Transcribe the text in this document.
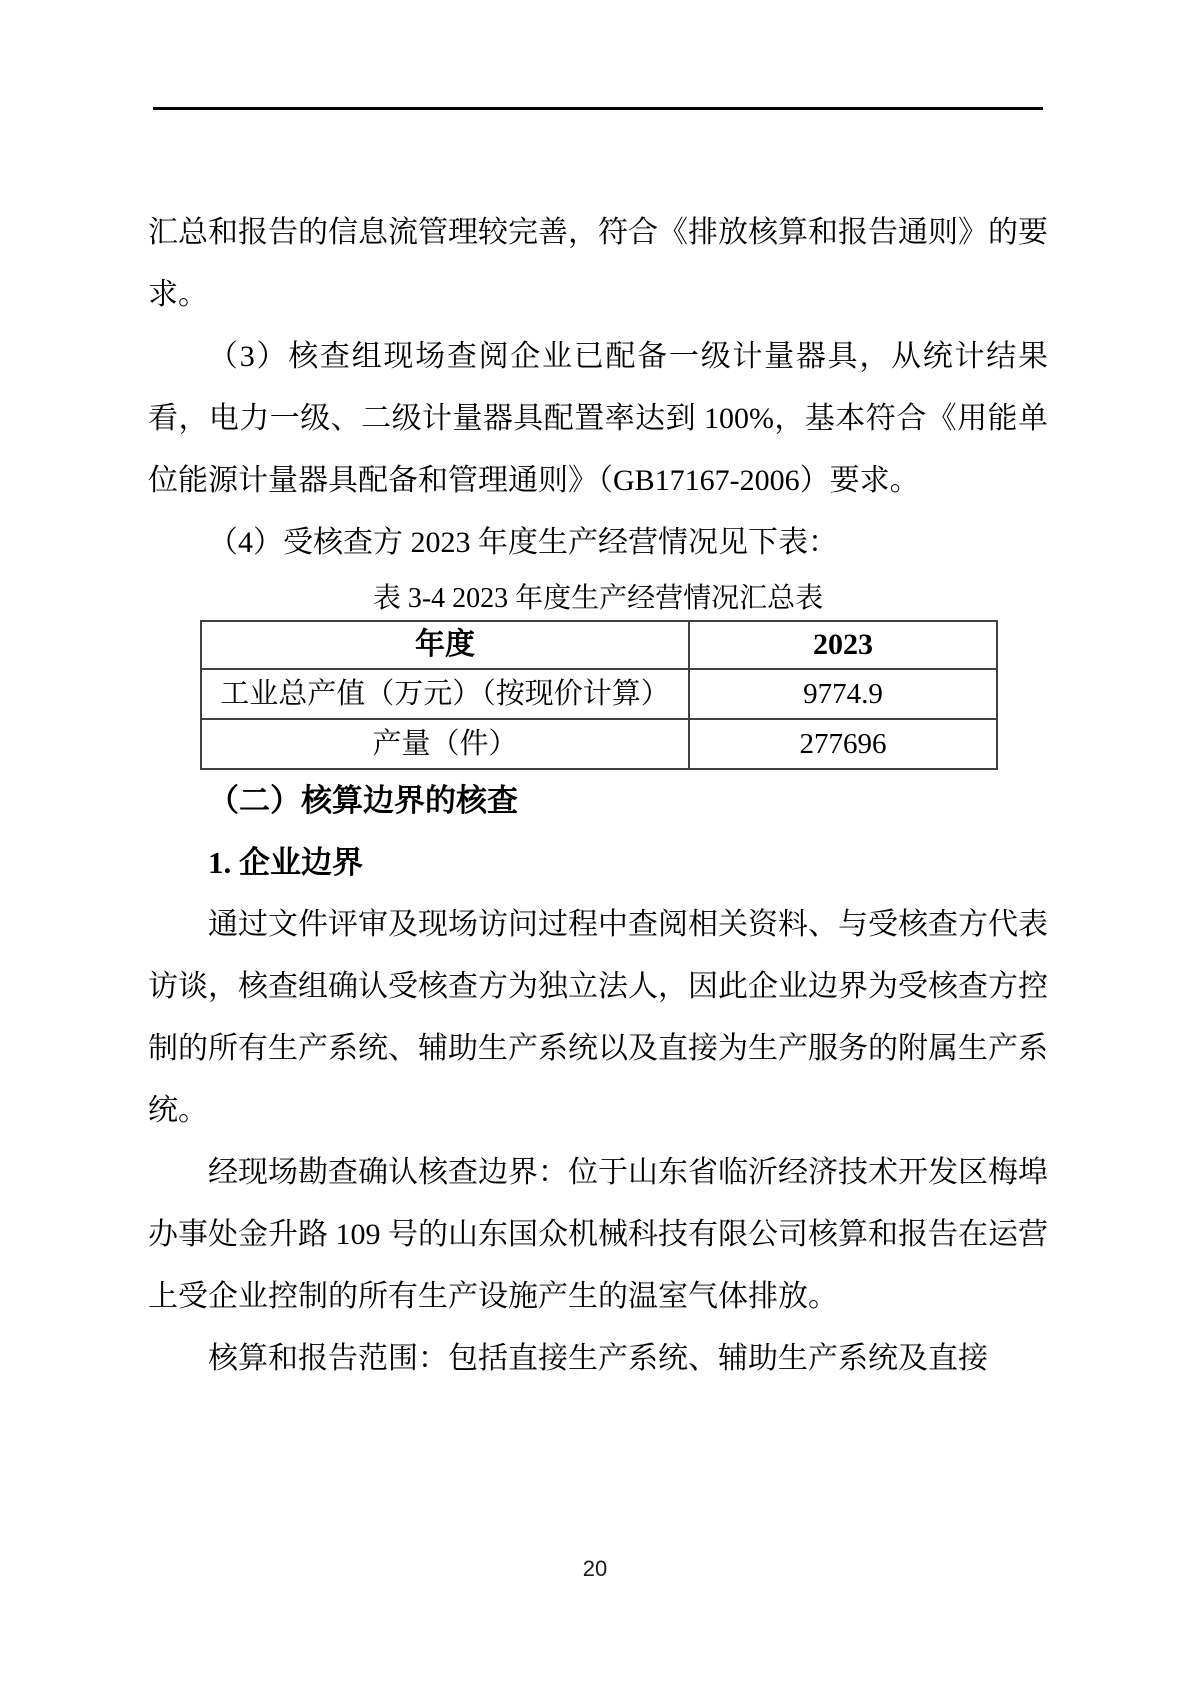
汇总和报告的信息流管理较完善，符合《排放核算和报告通则》的要求。

（3）核查组现场查阅企业已配备一级计量器具，从统计结果看，电力一级、二级计量器具配置率达到 100%，基本符合《用能单位能源计量器具配备和管理通则》（GB17167-2006）要求。

（4）受核查方 2023 年度生产经营情况见下表：

表 3-4 2023 年度生产经营情况汇总表
年度	2023
工业总产值（万元）（按现价计算）	9774.9
产量（件）	277696

（二）核算边界的核查

1. 企业边界

通过文件评审及现场访问过程中查阅相关资料、与受核查方代表访谈，核查组确认受核查方为独立法人，因此企业边界为受核查方控制的所有生产系统、辅助生产系统以及直接为生产服务的附属生产系统。

经现场勘查确认核查边界：位于山东省临沂经济技术开发区梅埠办事处金升路 109 号的山东国众机械科技有限公司核算和报告在运营上受企业控制的所有生产设施产生的温室气体排放。

核算和报告范围：包括直接生产系统、辅助生产系统及直接

20
